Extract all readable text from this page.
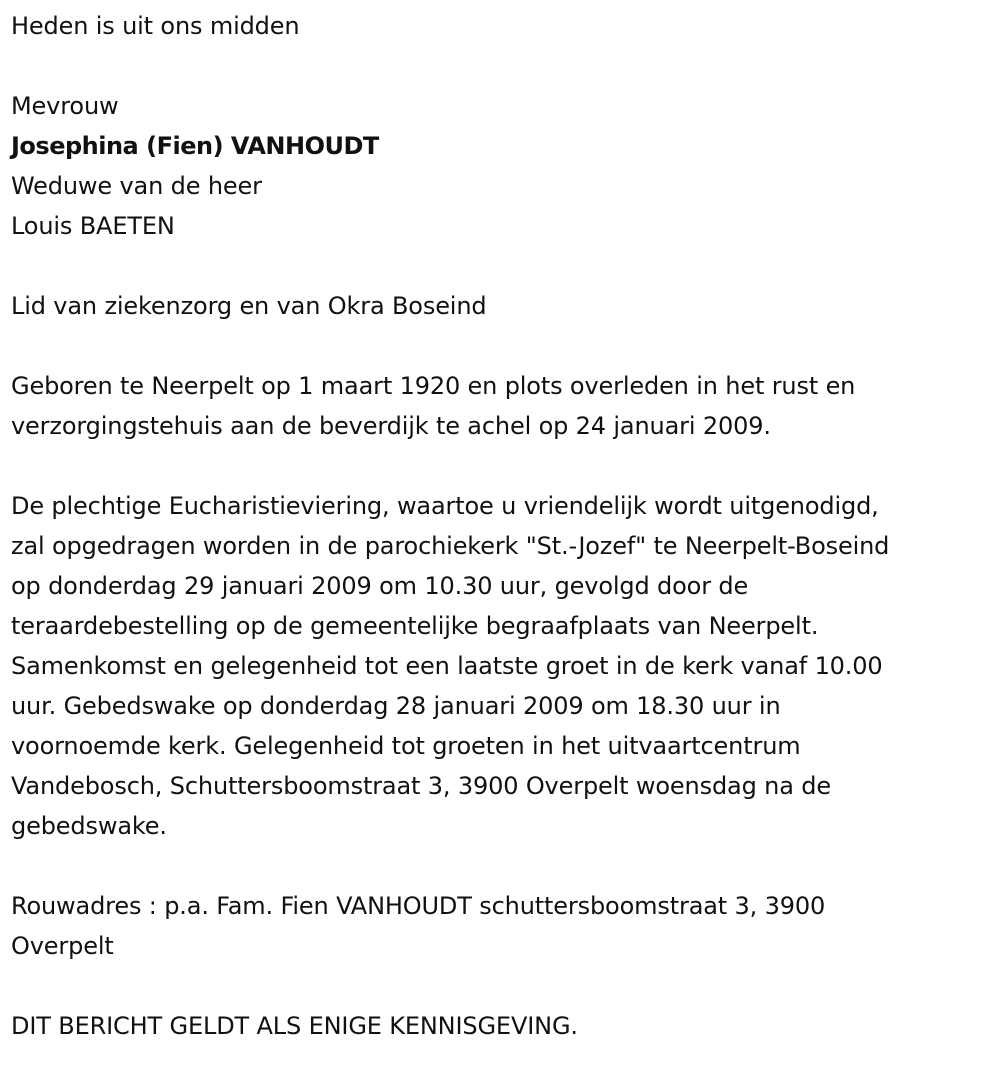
Heden is uit ons midden

Mevrouw

Josephina (Fien) VANHOUDT

Weduwe van de heer

Louis BAETEN

Lid van ziekenzorg en van Okra Boseind

Geboren te Neerpelt op 1 maart 1920 en plots overleden in het rust en

verzorgingstehuis aan de beverdijk te achel op 24 januari 2009.

De plechtige Eucharistieviering, waartoe u vriendelijk wordt uitgenodigd,

zal opgedragen worden in de parochiekerk "St.-Jozef" te Neerpelt-Boseind

op donderdag 29 januari 2009 om 10.30 uur, gevolgd door de

teraardebestelling op de gemeentelijke begraafplaats van Neerpelt.

Samenkomst en gelegenheid tot een laatste groet in de kerk vanaf 10.00

uur. Gebedswake op donderdag 28 januari 2009 om 18.30 uur in

voornoemde kerk. Gelegenheid tot groeten in het uitvaartcentrum

Vandebosch, Schuttersboomstraat 3, 3900 Overpelt woensdag na de

gebedswake.

Rouwadres : p.a. Fam. Fien VANHOUDT schuttersboomstraat 3, 3900

Overpelt

DIT BERICHT GELDT ALS ENIGE KENNISGEVING.
